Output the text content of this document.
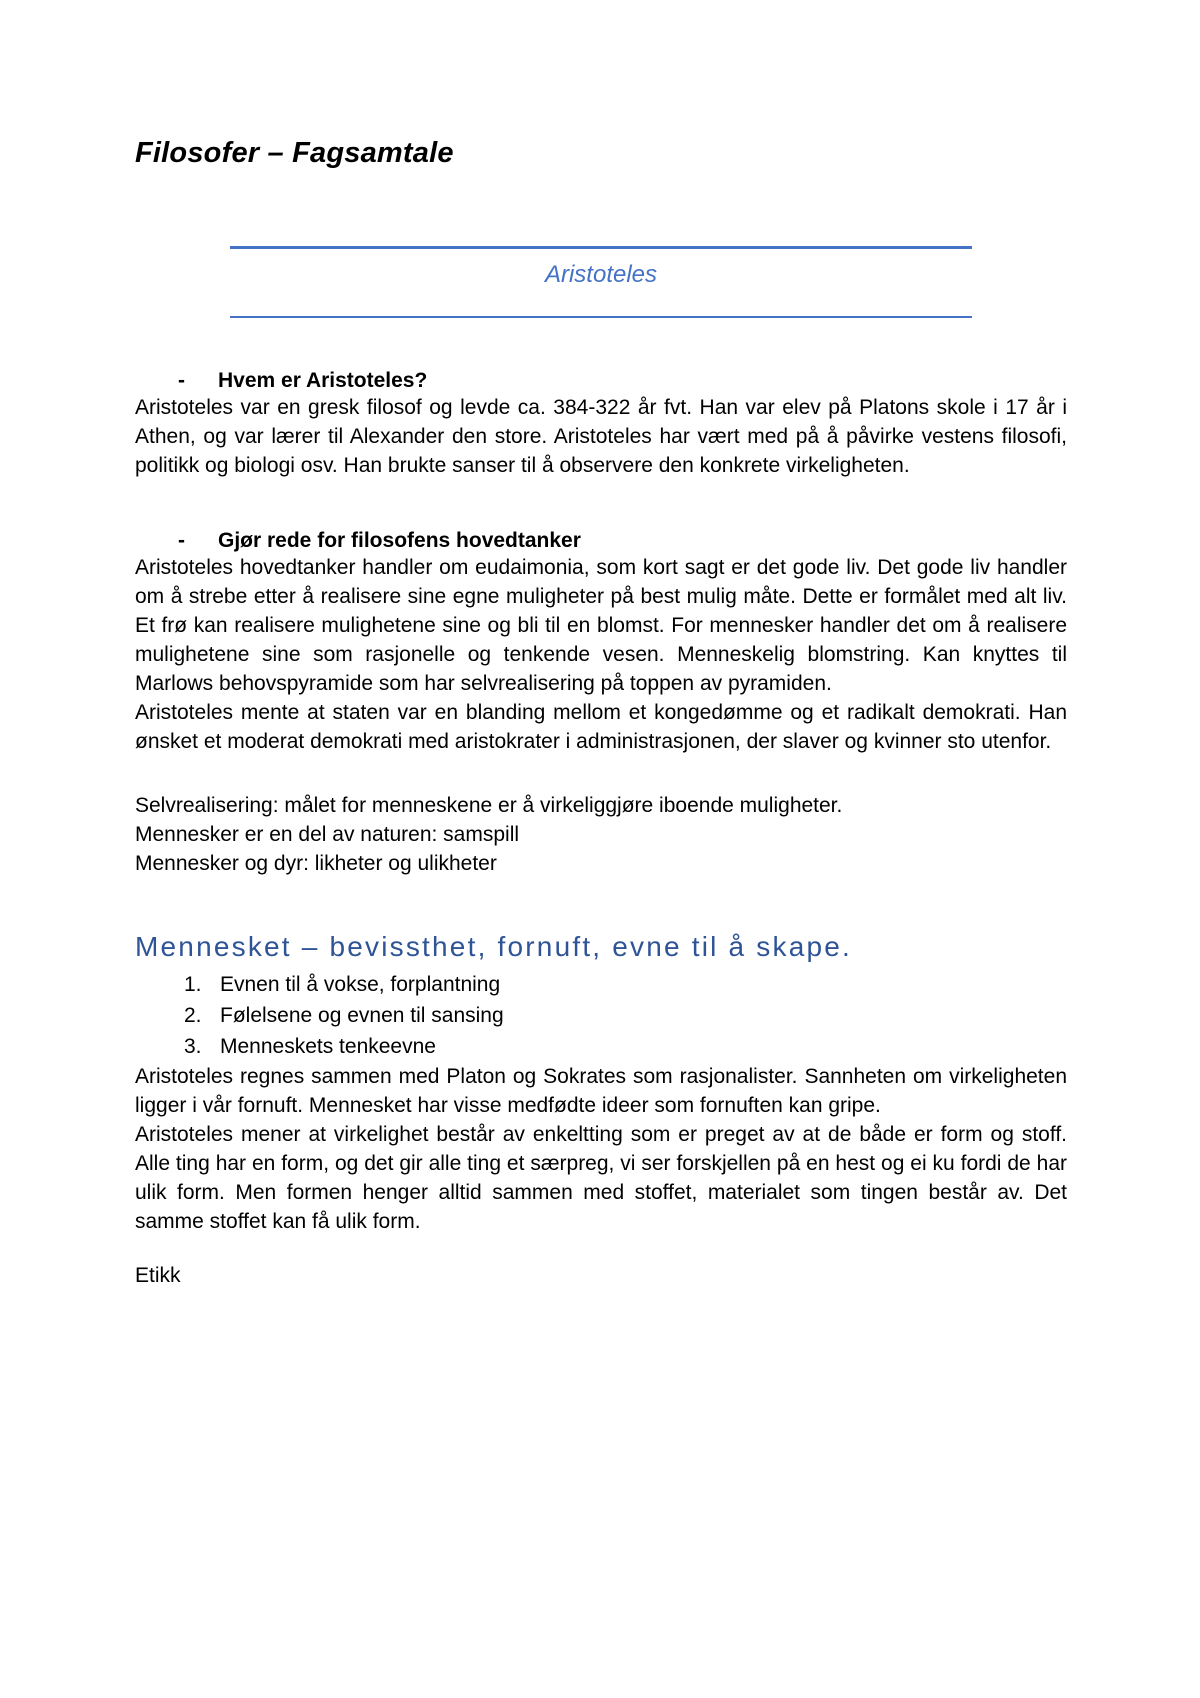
Filosofer – Fagsamtale
Aristoteles
-	Hvem er Aristoteles?

Aristoteles var en gresk filosof og levde ca. 384-322 år fvt. Han var elev på Platons skole i 17 år i Athen, og var lærer til Alexander den store. Aristoteles har vært med på å påvirke vestens filosofi, politikk og biologi osv. Han brukte sanser til å observere den konkrete virkeligheten.

-	Gjør rede for filosofens hovedtanker

Aristoteles hovedtanker handler om eudaimonia, som kort sagt er det gode liv. Det gode liv handler om å strebe etter å realisere sine egne muligheter på best mulig måte. Dette er formålet med alt liv. Et frø kan realisere mulighetene sine og bli til en blomst. For mennesker handler det om å realisere mulighetene sine som rasjonelle og tenkende vesen. Menneskelig blomstring. Kan knyttes til Marlows behovspyramide som har selvrealisering på toppen av pyramiden.

Aristoteles mente at staten var en blanding mellom et kongedømme og et radikalt demokrati. Han ønsket et moderat demokrati med aristokrater i administrasjonen, der slaver og kvinner sto utenfor.

Selvrealisering: målet for menneskene er å virkeliggjøre iboende muligheter.
Mennesker er en del av naturen: samspill
Mennesker og dyr: likheter og ulikheter
Mennesket – bevissthet, fornuft, evne til å skape.
1. Evnen til å vokse, forplantning
2. Følelsene og evnen til sansing
3. Menneskets tenkeevne

Aristoteles regnes sammen med Platon og Sokrates som rasjonalister. Sannheten om virkeligheten ligger i vår fornuft. Mennesket har visse medfødte ideer som fornuften kan gripe.

Aristoteles mener at virkelighet består av enkeltting som er preget av at de både er form og stoff. Alle ting har en form, og det gir alle ting et særpreg, vi ser forskjellen på en hest og ei ku fordi de har ulik form. Men formen henger alltid sammen med stoffet, materialet som tingen består av. Det samme stoffet kan få ulik form.

Etikk
